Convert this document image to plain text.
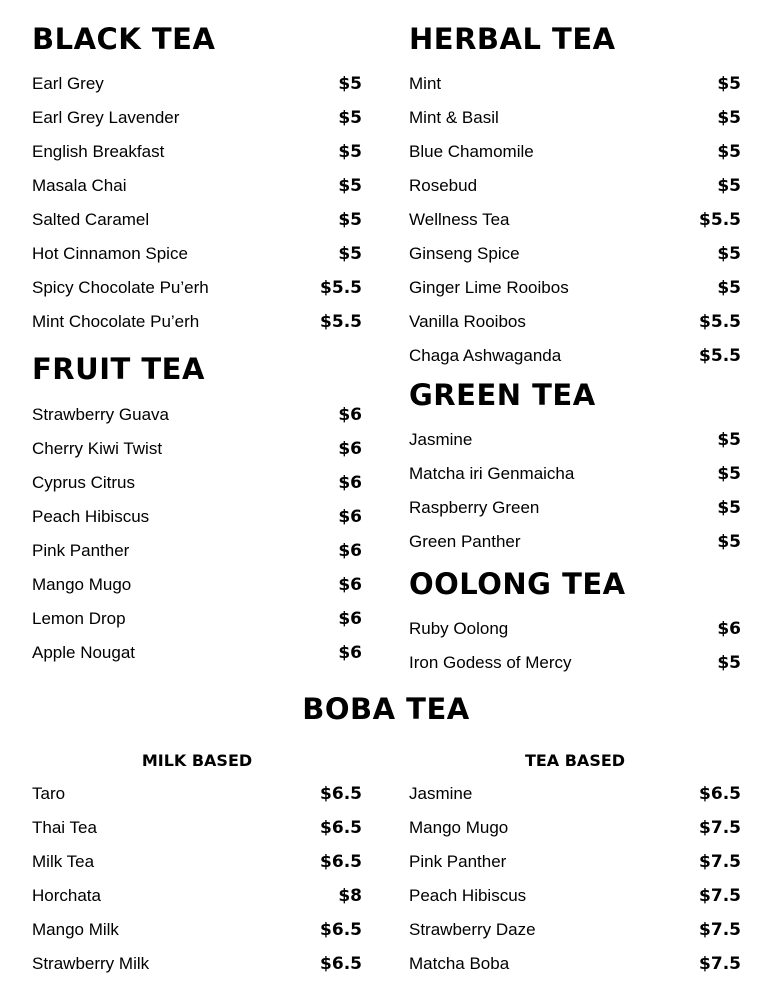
BLACK TEA
Earl Grey	$5
Earl Grey Lavender	$5
English Breakfast	$5
Masala Chai	$5
Salted Caramel	$5
Hot Cinnamon Spice	$5
Spicy Chocolate Pu’erh	$5.5
Mint Chocolate Pu’erh	$5.5
FRUIT TEA
Strawberry Guava	$6
Cherry Kiwi Twist	$6
Cyprus Citrus	$6
Peach Hibiscus	$6
Pink Panther	$6
Mango Mugo	$6
Lemon Drop	$6
Apple Nougat	$6
HERBAL TEA
Mint	$5
Mint & Basil	$5
Blue Chamomile	$5
Rosebud	$5
Wellness Tea	$5.5
Ginseng Spice	$5
Ginger Lime Rooibos	$5
Vanilla Rooibos	$5.5
Chaga Ashwaganda	$5.5
GREEN TEA
Jasmine	$5
Matcha iri Genmaicha	$5
Raspberry Green	$5
Green Panther	$5
OOLONG TEA
Ruby Oolong	$6
Iron Godess of Mercy	$5
BOBA TEA
MILK BASED
Taro	$6.5
Thai Tea	$6.5
Milk Tea	$6.5
Horchata	$8
Mango Milk	$6.5
Strawberry Milk	$6.5
TEA BASED
Jasmine	$6.5
Mango Mugo	$7.5
Pink Panther	$7.5
Peach Hibiscus	$7.5
Strawberry Daze	$7.5
Matcha Boba	$7.5
